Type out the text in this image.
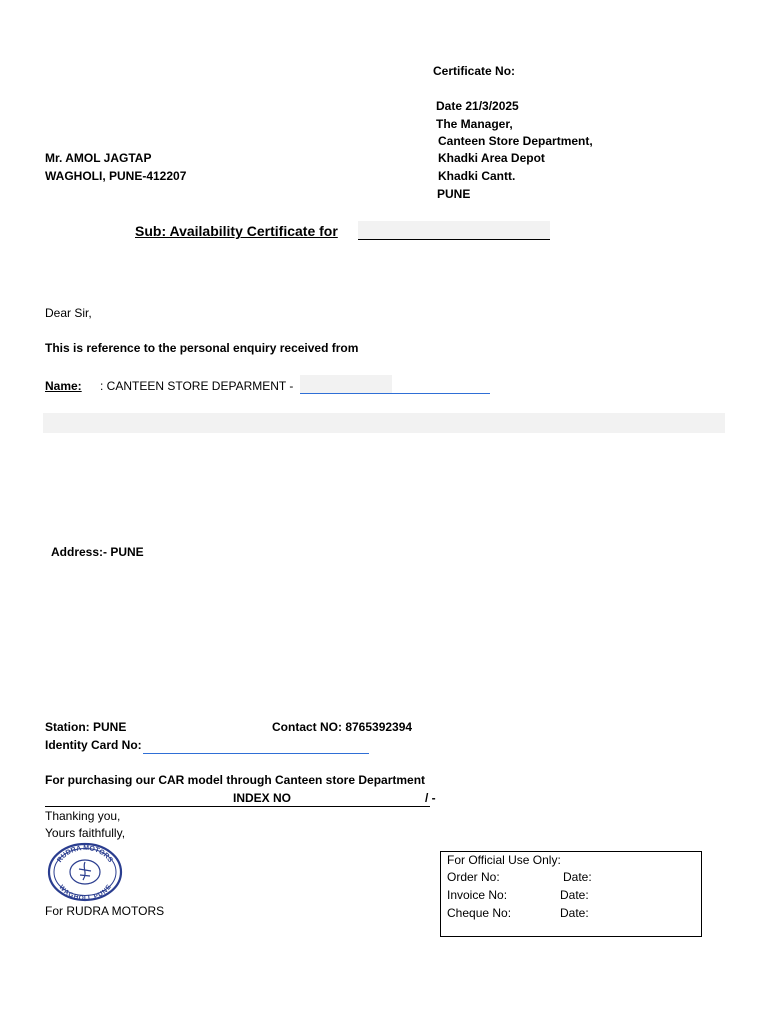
Certificate No:
Date 21/3/2025
The Manager,
Canteen Store Department,
Khadki Area Depot
Khadki Cantt.
PUNE
Mr. AMOL JAGTAP
WAGHOLI, PUNE-412207
Sub: Availability Certificate for
Dear Sir,
This is reference to the personal enquiry received from
Name: : CANTEEN STORE DEPARMENT -
Address:- PUNE
Station: PUNE	Contact NO: 8765392394
Identity Card No:
For purchasing our CAR model through Canteen store Department
INDEX NO	/ -
Thanking you,
Yours faithfully,
RUDRA MOTORS
WAGHOLI, PUNE
For RUDRA MOTORS
For Official Use Only:
Order No:	Date:
Invoice No:	Date:
Cheque No:	Date:
